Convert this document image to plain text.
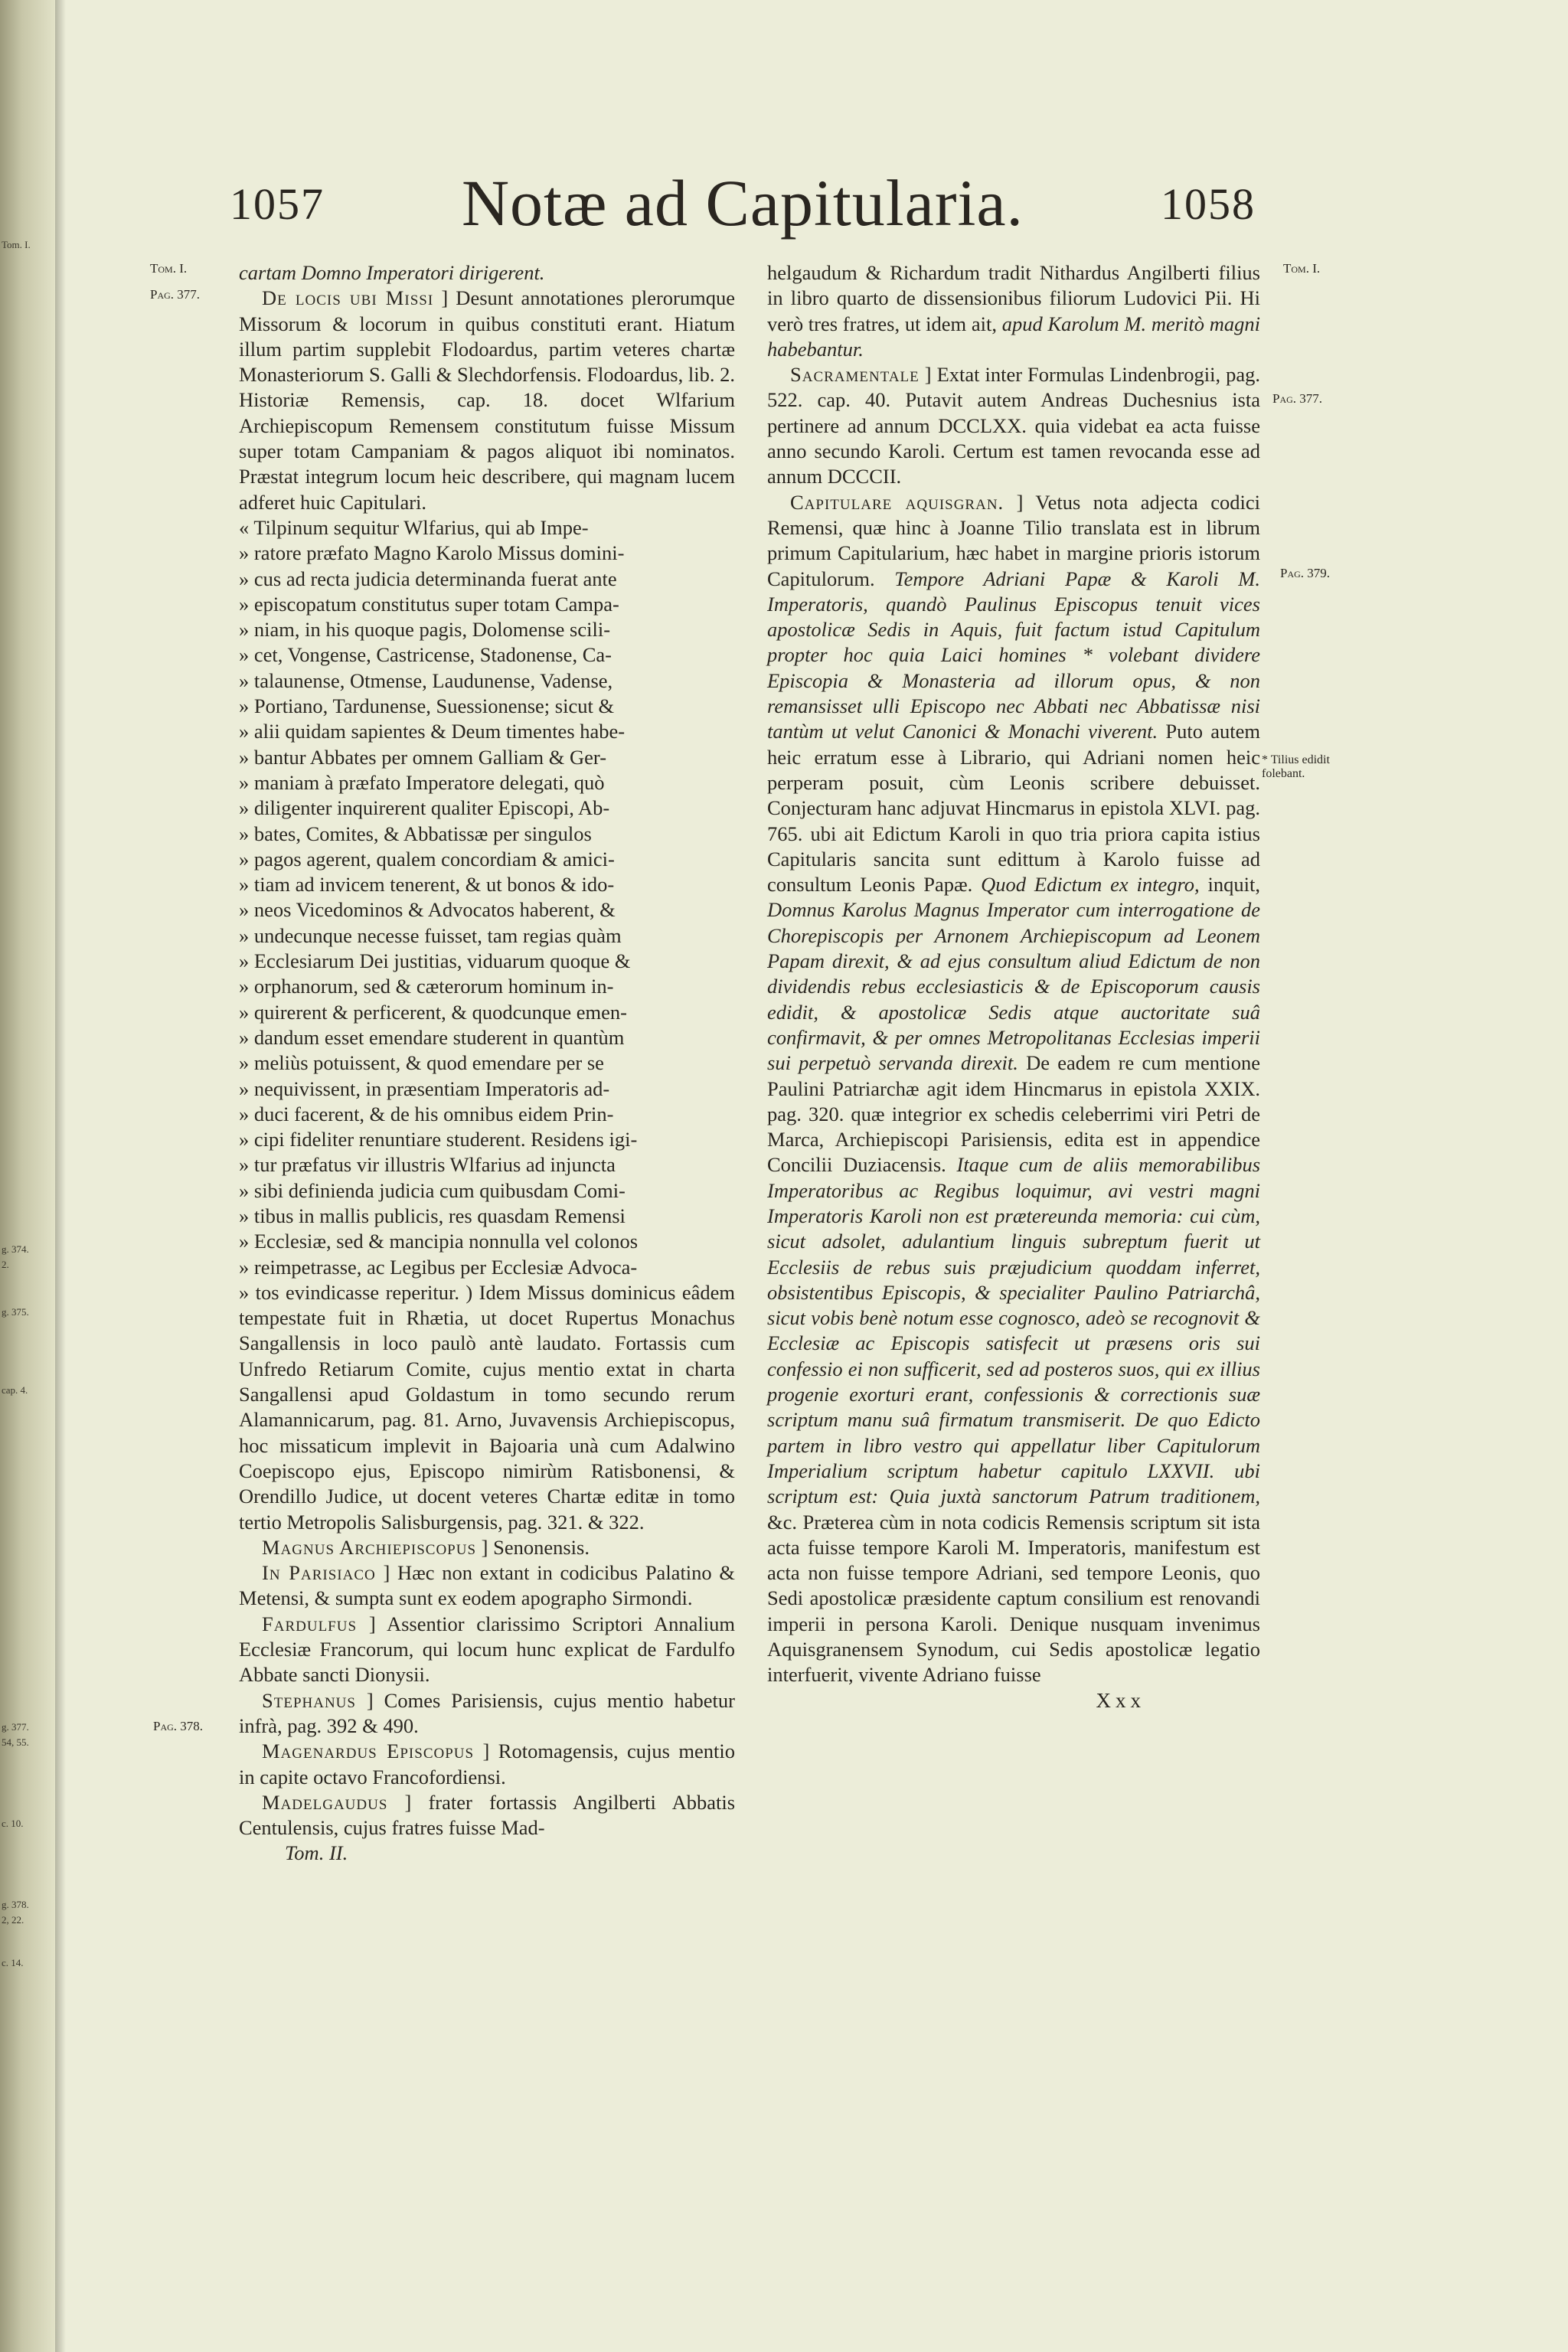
Tom. I.
g. 374.
2.
g. 375.
cap. 4.
g. 377.
54, 55.
c. 10.
g. 378.
2, 22.
c. 14.
1057	Notæ ad Capitularia.	1058
Tom. I.
Pag. 377.
Pag. 378.
Tom. I.
Pag. 377.
Pag. 379.
* Tilius edidit folebant.

cartam Domno Imperatori dirigerent.

De locis ubi Missi ] Desunt annotationes plerorumque Missorum & locorum in quibus constituti erant. Hiatum illum partim supplebit Flodoardus, partim veteres chartæ Monasteriorum S. Galli & Slechdorfensis. Flodoardus, lib. 2. Historiæ Remensis, cap. 18. docet Wlfarium Archiepiscopum Remensem constitutum fuisse Missum super totam Campaniam & pagos aliquot ibi nominatos. Præstat integrum locum heic describere, qui magnam lucem adferet huic Capitulari.

« Tilpinum sequitur Wlfarius, qui ab Impe-

» ratore præfato Magno Karolo Missus domini-

» cus ad recta judicia determinanda fuerat ante

» episcopatum constitutus super totam Campa-

» niam, in his quoque pagis, Dolomense scili-

» cet, Vongense, Castricense, Stadonense, Ca-

» talaunense, Otmense, Laudunense, Vadense,

» Portiano, Tardunense, Suessionense; sicut &

» alii quidam sapientes & Deum timentes habe-

» bantur Abbates per omnem Galliam & Ger-

» maniam à præfato Imperatore delegati, quò

» diligenter inquirerent qualiter Episcopi, Ab-

» bates, Comites, & Abbatissæ per singulos

» pagos agerent, qualem concordiam & amici-

» tiam ad invicem tenerent, & ut bonos & ido-

» neos Vicedominos & Advocatos haberent, &

» undecunque necesse fuisset, tam regias quàm

» Ecclesiarum Dei justitias, viduarum quoque &

» orphanorum, sed & cæterorum hominum in-

» quirerent & perficerent, & quodcunque emen-

» dandum esset emendare studerent in quantùm

» meliùs potuissent, & quod emendare per se

» nequivissent, in præsentiam Imperatoris ad-

» duci facerent, & de his omnibus eidem Prin-

» cipi fideliter renuntiare studerent. Residens igi-

» tur præfatus vir illustris Wlfarius ad injuncta

» sibi definienda judicia cum quibusdam Comi-

» tibus in mallis publicis, res quasdam Remensi

» Ecclesiæ, sed & mancipia nonnulla vel colonos

» reimpetrasse, ac Legibus per Ecclesiæ Advoca-

» tos evindicasse reperitur. ) Idem Missus dominicus eâdem tempestate fuit in Rhætia, ut docet Rupertus Monachus Sangallensis in loco paulò antè laudato. Fortassis cum Unfredo Retiarum Comite, cujus mentio extat in charta Sangallensi apud Goldastum in tomo secundo rerum Alamannicarum, pag. 81. Arno, Juvavensis Archiepiscopus, hoc missaticum implevit in Bajoaria unà cum Adalwino Coepiscopo ejus, Episcopo nimirùm Ratisbonensi, & Orendillo Judice, ut docent veteres Chartæ editæ in tomo tertio Metropolis Salisburgensis, pag. 321. & 322.

Magnus Archiepiscopus ] Senonensis.

In Parisiaco ] Hæc non extant in codicibus Palatino & Metensi, & sumpta sunt ex eodem apographo Sirmondi.

Fardulfus ] Assentior clarissimo Scriptori Annalium Ecclesiæ Francorum, qui locum hunc explicat de Fardulfo Abbate sancti Dionysii.

Stephanus ] Comes Parisiensis, cujus mentio habetur infrà, pag. 392 & 490.

Magenardus Episcopus ] Rotomagensis, cujus mentio in capite octavo Francofordiensi.

Madelgaudus ] frater fortassis Angilberti Abbatis Centulensis, cujus fratres fuisse Mad-

Tom. II.

helgaudum & Richardum tradit Nithardus Angilberti filius in libro quarto de dissensionibus filiorum Ludovici Pii. Hi verò tres fratres, ut idem ait, apud Karolum M. meritò magni habebantur.

Sacramentale ] Extat inter Formulas Lindenbrogii, pag. 522. cap. 40. Putavit autem Andreas Duchesnius ista pertinere ad annum DCCLXX. quia videbat ea acta fuisse anno secundo Karoli. Certum est tamen revocanda esse ad annum DCCCII.

Capitulare aquisgran. ] Vetus nota adjecta codici Remensi, quæ hinc à Joanne Tilio translata est in librum primum Capitularium, hæc habet in margine prioris istorum Capitulorum. Tempore Adriani Papæ & Karoli M. Imperatoris, quandò Paulinus Episcopus tenuit vices apostolicæ Sedis in Aquis, fuit factum istud Capitulum propter hoc quia Laici homines * volebant dividere Episcopia & Monasteria ad illorum opus, & non remansisset ulli Episcopo nec Abbati nec Abbatissæ nisi tantùm ut velut Canonici & Monachi viverent. Puto autem heic erratum esse à Librario, qui Adriani nomen heic perperam posuit, cùm Leonis scribere debuisset. Conjecturam hanc adjuvat Hincmarus in epistola XLVI. pag. 765. ubi ait Edictum Karoli in quo tria priora capita istius Capitularis sancita sunt edittum à Karolo fuisse ad consultum Leonis Papæ. Quod Edictum ex integro, inquit, Domnus Karolus Magnus Imperator cum interrogatione de Chorepiscopis per Arnonem Archiepiscopum ad Leonem Papam direxit, & ad ejus consultum aliud Edictum de non dividendis rebus ecclesiasticis & de Episcoporum causis edidit, & apostolicæ Sedis atque auctoritate suâ confirmavit, & per omnes Metropolitanas Ecclesias imperii sui perpetuò servanda direxit. De eadem re cum mentione Paulini Patriarchæ agit idem Hincmarus in epistola XXIX. pag. 320. quæ integrior ex schedis celeberrimi viri Petri de Marca, Archiepiscopi Parisiensis, edita est in appendice Concilii Duziacensis. Itaque cum de aliis memorabilibus Imperatoribus ac Regibus loquimur, avi vestri magni Imperatoris Karoli non est prætereunda memoria: cui cùm, sicut adsolet, adulantium linguis subreptum fuerit ut Ecclesiis de rebus suis præjudicium quoddam inferret, obsistentibus Episcopis, & specialiter Paulino Patriarchâ, sicut vobis benè notum esse cognosco, adeò se recognovit & Ecclesiæ ac Episcopis satisfecit ut præsens oris sui confessio ei non sufficerit, sed ad posteros suos, qui ex illius progenie exorturi erant, confessionis & correctionis suæ scriptum manu suâ firmatum transmiserit. De quo Edicto partem in libro vestro qui appellatur liber Capitulorum Imperialium scriptum habetur capitulo LXXVII. ubi scriptum est: Quia juxtà sanctorum Patrum traditionem, &c. Præterea cùm in nota codicis Remensis scriptum sit ista acta fuisse tempore Karoli M. Imperatoris, manifestum est acta non fuisse tempore Adriani, sed tempore Leonis, quo Sedi apostolicæ præsidente captum consilium est renovandi imperii in persona Karoli. Denique nusquam invenimus Aquisgranensem Synodum, cui Sedis apostolicæ legatio interfuerit, vivente Adriano fuisse

Xxx
